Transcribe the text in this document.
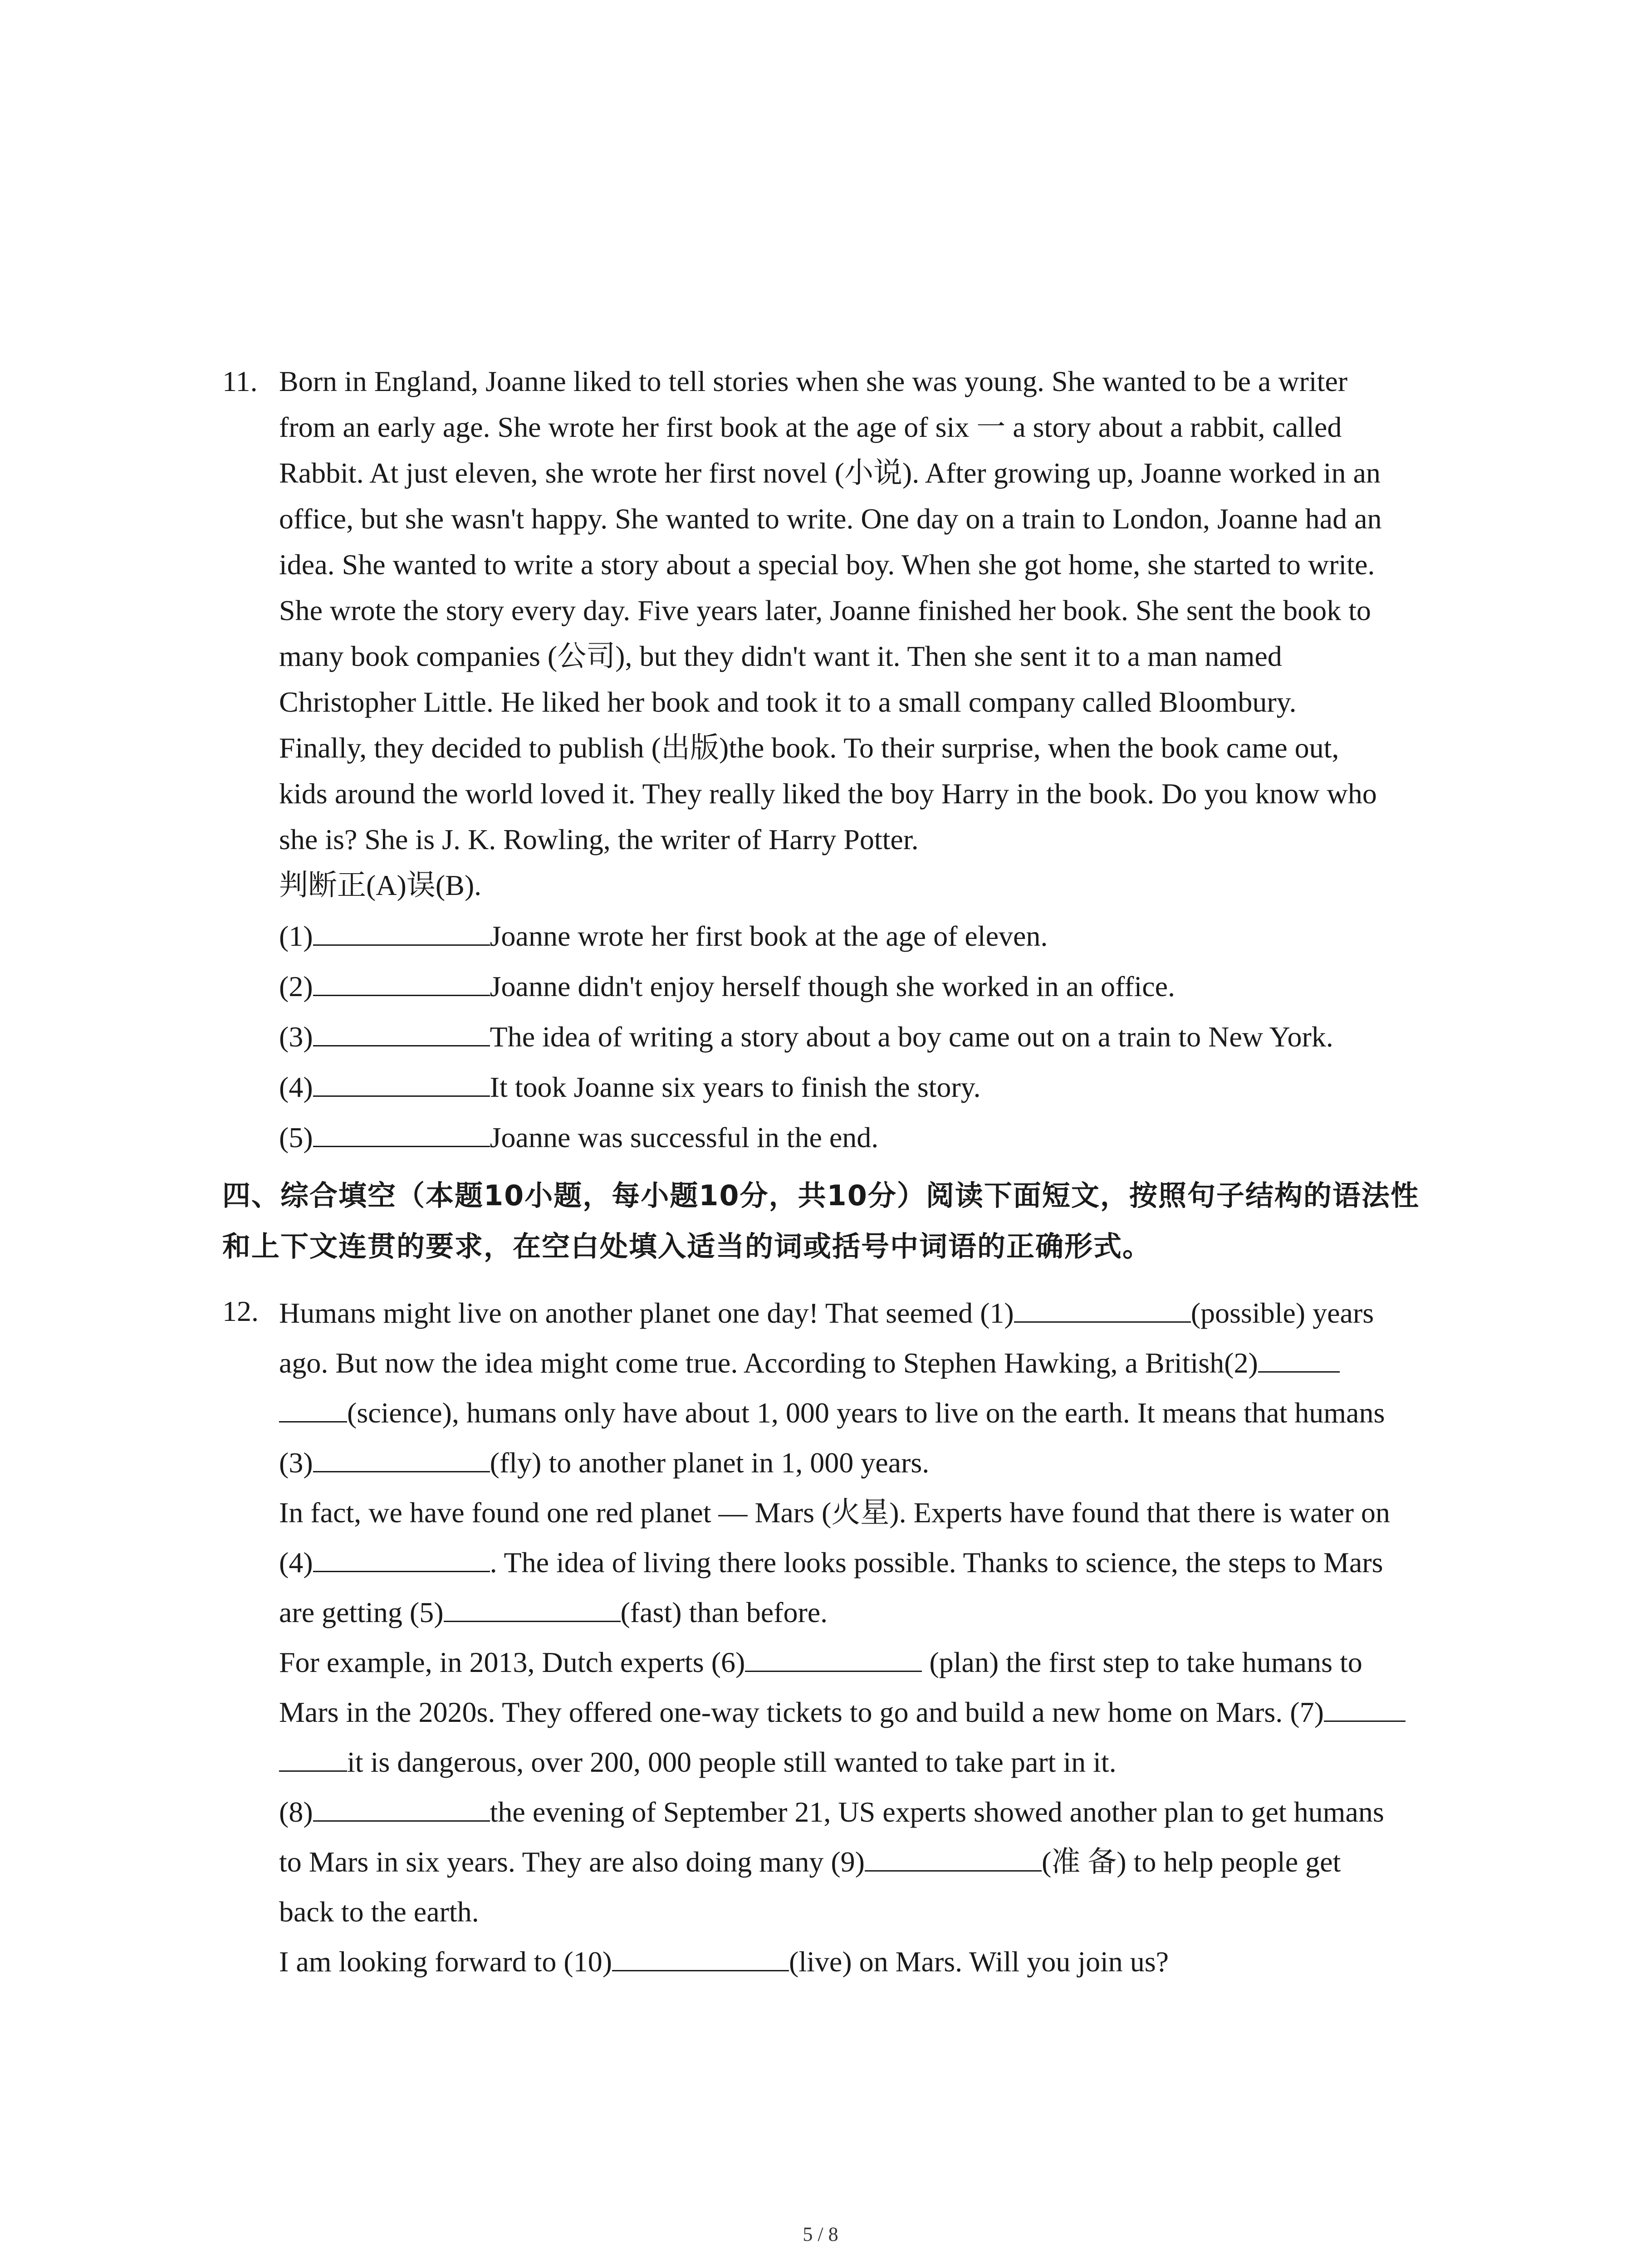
11. Born in England, Joanne liked to tell stories when she was young. She wanted to be a writer

from an early age. She wrote her first book at the age of six 一 a story about a rabbit, called

Rabbit. At just eleven, she wrote her first novel (小说). After growing up, Joanne worked in an

office, but she wasn't happy. She wanted to write. One day on a train to London, Joanne had an

idea. She wanted to write a story about a special boy. When she got home, she started to write.

She wrote the story every day. Five years later, Joanne finished her book. She sent the book to

many book companies (公司), but they didn't want it. Then she sent it to a man named

Christopher Little. He liked her book and took it to a small company called Bloombury.

Finally, they decided to publish (出版)the book. To their surprise, when the book came out,

kids around the world loved it. They really liked the boy Harry in the book. Do you know who

she is? She is J. K. Rowling, the writer of Harry Potter.

判断正(A)误(B).

(1)	Joanne wrote her first book at the age of eleven.
(2)	Joanne didn't enjoy herself though she worked in an office.
(3)	The idea of writing a story about a boy came out on a train to New York.
(4)	It took Joanne six years to finish the story.
(5)	Joanne was successful in the end.
四、综合填空（本题10小题，每小题10分，共10分）阅读下面短文，按照句子结构的语法性
和上下文连贯的要求，在空白处填入适当的词或括号中词语的正确形式。
12. Humans might live on another planet one day! That seemed (1)	(possible) years

ago. But now the idea might come true. According to Stephen Hawking, a British(2)

(science), humans only have about 1, 000 years to live on the earth. It means that humans

(3)	(fly) to another planet in 1, 000 years.

In fact, we have found one red planet — Mars (火星). Experts have found that there is water on

(4)	. The idea of living there looks possible. Thanks to science, the steps to Mars

are getting (5)	(fast) than before.

For example, in 2013, Dutch experts (6)	(plan) the first step to take humans to

Mars in the 2020s. They offered one-way tickets to go and build a new home on Mars. (7)

it is dangerous, over 200, 000 people still wanted to take part in it.

(8)	the evening of September 21, US experts showed another plan to get humans

to Mars in six years. They are also doing many (9)	(准 备) to help people get

back to the earth.

I am looking forward to (10)	(live) on Mars. Will you join us?

5 / 8
